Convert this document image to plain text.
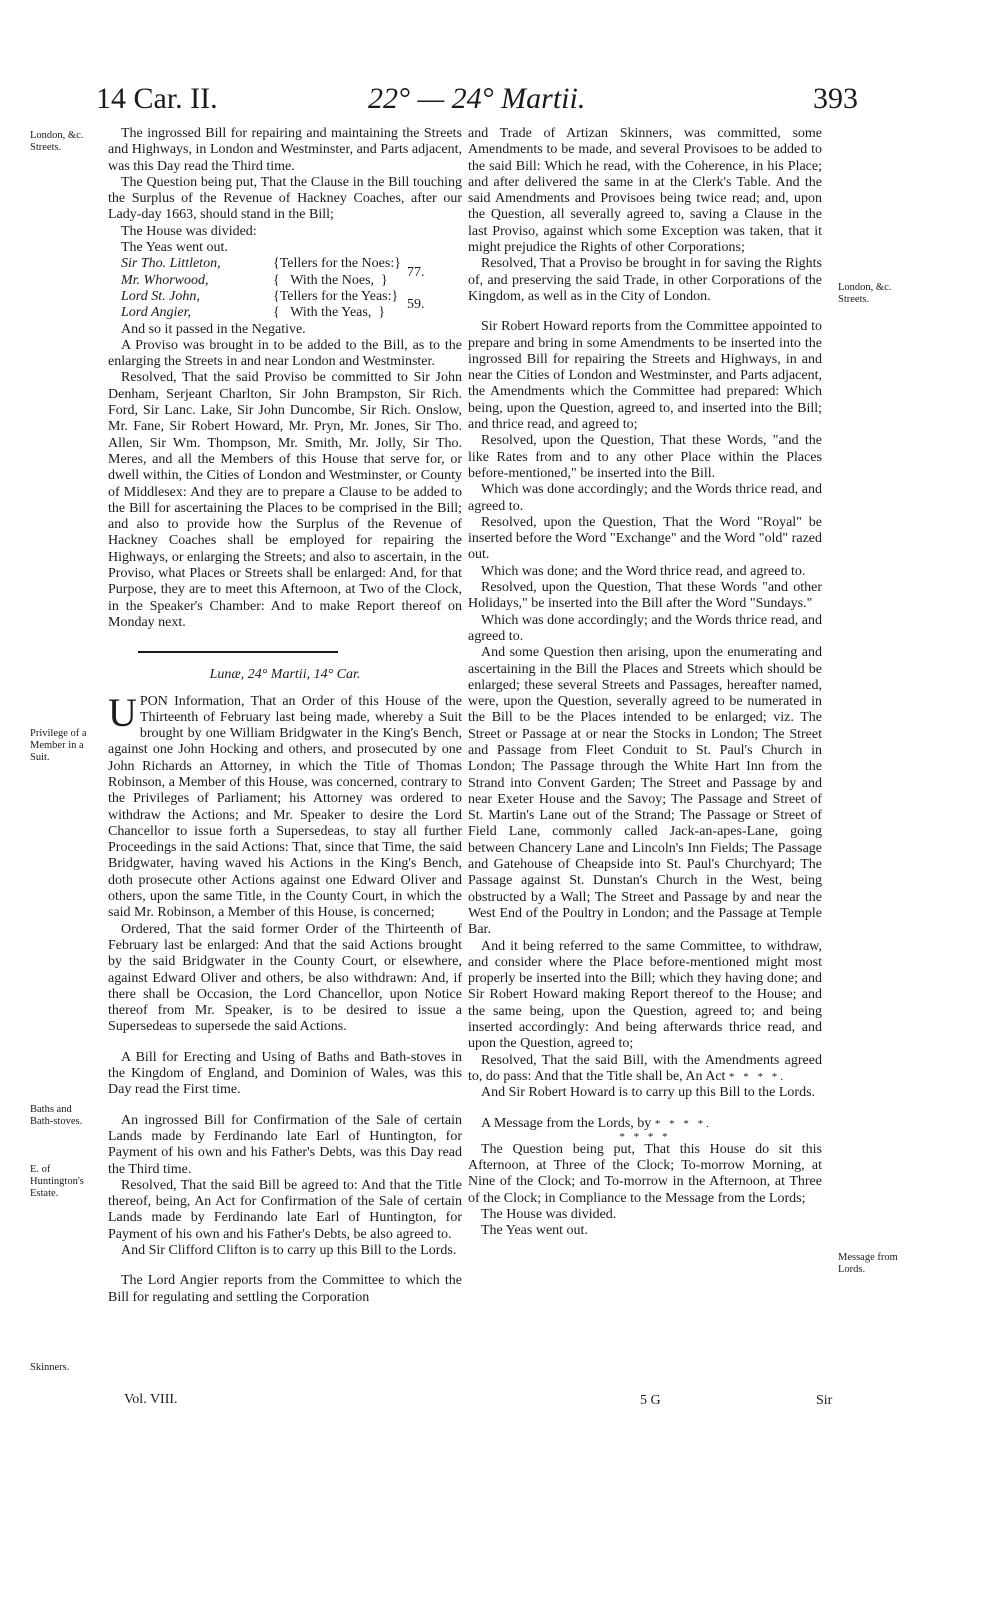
14 Car. II.	22° — 24° Martii.	393
London, &c. Streets.
Privilege of a Member in a Suit.
Baths and Bath-stoves.
E. of Huntington's Estate.
Skinners.
London, &c. Streets.
Message from Lords.

The ingrossed Bill for repairing and maintaining the Streets and Highways, in London and Westminster, and Parts adjacent, was this Day read the Third time.

The Question being put, That the Clause in the Bill touching the Surplus of the Revenue of Hackney Coaches, after our Lady-day 1663, should stand in the Bill;

The House was divided:

The Yeas went out.

Sir Tho. Littleton,	{Tellers for the Noes:}	77.
Mr. Whorwood,	{ With the Noes, }	
Lord St. John,	{Tellers for the Yeas:}	59.
Lord Angier,	{ With the Yeas, }	

And so it passed in the Negative.

A Proviso was brought in to be added to the Bill, as to the enlarging the Streets in and near London and Westminster.

Resolved, That the said Proviso be committed to Sir John Denham, Serjeant Charlton, Sir John Brampston, Sir Rich. Ford, Sir Lanc. Lake, Sir John Duncombe, Sir Rich. Onslow, Mr. Fane, Sir Robert Howard, Mr. Pryn, Mr. Jones, Sir Tho. Allen, Sir Wm. Thompson, Mr. Smith, Mr. Jolly, Sir Tho. Meres, and all the Members of this House that serve for, or dwell within, the Cities of London and Westminster, or County of Middlesex: And they are to prepare a Clause to be added to the Bill for ascertaining the Places to be comprised in the Bill; and also to provide how the Surplus of the Revenue of Hackney Coaches shall be employed for repairing the Highways, or enlarging the Streets; and also to ascertain, in the Proviso, what Places or Streets shall be enlarged: And, for that Purpose, they are to meet this Afternoon, at Two of the Clock, in the Speaker's Chamber: And to make Report thereof on Monday next.

Lunæ, 24° Martii, 14° Car.

UPON Information, That an Order of this House of the Thirteenth of February last being made, whereby a Suit brought by one William Bridgwater in the King's Bench, against one John Hocking and others, and prosecuted by one John Richards an Attorney, in which the Title of Thomas Robinson, a Member of this House, was concerned, contrary to the Privileges of Parliament; his Attorney was ordered to withdraw the Actions; and Mr. Speaker to desire the Lord Chancellor to issue forth a Supersedeas, to stay all further Proceedings in the said Actions: That, since that Time, the said Bridgwater, having waved his Actions in the King's Bench, doth prosecute other Actions against one Edward Oliver and others, upon the same Title, in the County Court, in which the said Mr. Robinson, a Member of this House, is concerned;

Ordered, That the said former Order of the Thirteenth of February last be enlarged: And that the said Actions brought by the said Bridgwater in the County Court, or elsewhere, against Edward Oliver and others, be also withdrawn: And, if there shall be Occasion, the Lord Chancellor, upon Notice thereof from Mr. Speaker, is to be desired to issue a Supersedeas to supersede the said Actions.

A Bill for Erecting and Using of Baths and Bath-stoves in the Kingdom of England, and Dominion of Wales, was this Day read the First time.

An ingrossed Bill for Confirmation of the Sale of certain Lands made by Ferdinando late Earl of Huntington, for Payment of his own and his Father's Debts, was this Day read the Third time.

Resolved, That the said Bill be agreed to: And that the Title thereof, being, An Act for Confirmation of the Sale of certain Lands made by Ferdinando late Earl of Huntington, for Payment of his own and his Father's Debts, be also agreed to.

And Sir Clifford Clifton is to carry up this Bill to the Lords.

The Lord Angier reports from the Committee to which the Bill for regulating and settling the Corporation

and Trade of Artizan Skinners, was committed, some Amendments to be made, and several Provisoes to be added to the said Bill: Which he read, with the Coherence, in his Place; and after delivered the same in at the Clerk's Table. And the said Amendments and Provisoes being twice read; and, upon the Question, all severally agreed to, saving a Clause in the last Proviso, against which some Exception was taken, that it might prejudice the Rights of other Corporations;

Resolved, That a Proviso be brought in for saving the Rights of, and preserving the said Trade, in other Corporations of the Kingdom, as well as in the City of London.

Sir Robert Howard reports from the Committee appointed to prepare and bring in some Amendments to be inserted into the ingrossed Bill for repairing the Streets and Highways, in and near the Cities of London and Westminster, and Parts adjacent, the Amendments which the Committee had prepared: Which being, upon the Question, agreed to, and inserted into the Bill; and thrice read, and agreed to;

Resolved, upon the Question, That these Words, "and the like Rates from and to any other Place within the Places before-mentioned," be inserted into the Bill.

Which was done accordingly; and the Words thrice read, and agreed to.

Resolved, upon the Question, That the Word "Royal" be inserted before the Word "Exchange" and the Word "old" razed out.

Which was done; and the Word thrice read, and agreed to.

Resolved, upon the Question, That these Words "and other Holidays," be inserted into the Bill after the Word "Sundays."

Which was done accordingly; and the Words thrice read, and agreed to.

And some Question then arising, upon the enumerating and ascertaining in the Bill the Places and Streets which should be enlarged; these several Streets and Passages, hereafter named, were, upon the Question, severally agreed to be numerated in the Bill to be the Places intended to be enlarged; viz. The Street or Passage at or near the Stocks in London; The Street and Passage from Fleet Conduit to St. Paul's Church in London; The Passage through the White Hart Inn from the Strand into Convent Garden; The Street and Passage by and near Exeter House and the Savoy; The Passage and Street of St. Martin's Lane out of the Strand; The Passage or Street of Field Lane, commonly called Jack-an-apes-Lane, going between Chancery Lane and Lincoln's Inn Fields; The Passage and Gatehouse of Cheapside into St. Paul's Churchyard; The Passage against St. Dunstan's Church in the West, being obstructed by a Wall; The Street and Passage by and near the West End of the Poultry in London; and the Passage at Temple Bar.

And it being referred to the same Committee, to withdraw, and consider where the Place before-mentioned might most properly be inserted into the Bill; which they having done; and Sir Robert Howard making Report thereof to the House; and the same being, upon the Question, agreed to; and being inserted accordingly: And being afterwards thrice read, and upon the Question, agreed to;

Resolved, That the said Bill, with the Amendments agreed to, do pass: And that the Title shall be, An Act * * * *.

And Sir Robert Howard is to carry up this Bill to the Lords.

A Message from the Lords, by * * * *.

* * * *

The Question being put, That this House do sit this Afternoon, at Three of the Clock; To-morrow Morning, at Nine of the Clock; and To-morrow in the Afternoon, at Three of the Clock; in Compliance to the Message from the Lords;

The House was divided.

The Yeas went out.

Vol. VIII.	5 G	Sir
